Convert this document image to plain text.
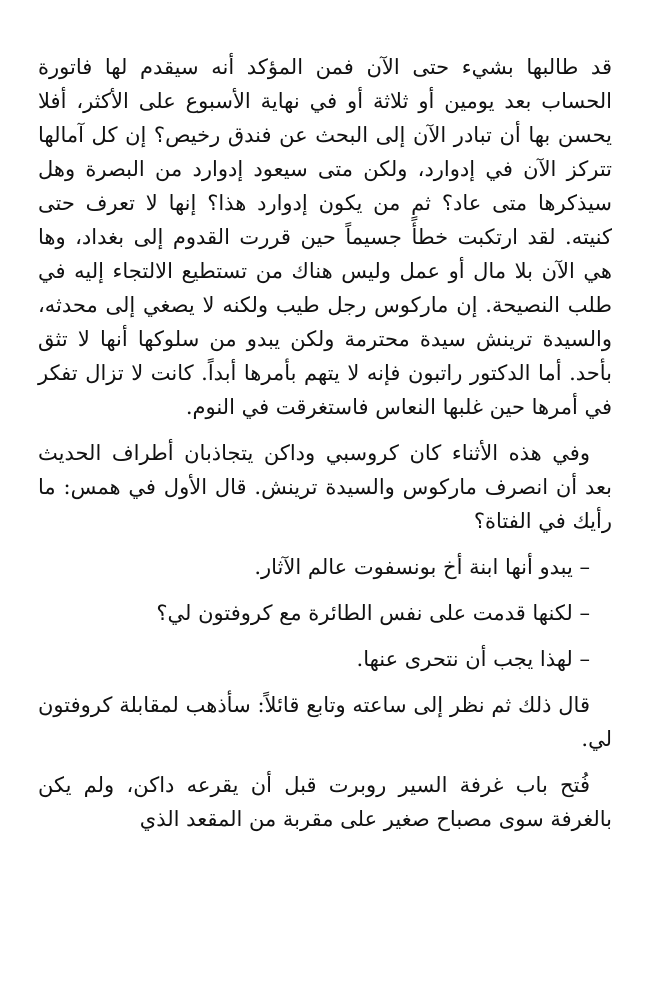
قد طالبها بشيء حتى الآن فمن المؤكد أنه سيقدم لها فاتورة الحساب بعد يومين أو ثلاثة أو في نهاية الأسبوع على الأكثر، أفلا يحسن بها أن تبادر الآن إلى البحث عن فندق رخيص؟ إن كل آمالها تتركز الآن في إدوارد، ولكن متى سيعود إدوارد من البصرة وهل سيذكرها متى عاد؟ ثم من يكون إدوارد هذا؟ إنها لا تعرف حتى كنيته. لقد ارتكبت خطأً جسيماً حين قررت القدوم إلى بغداد، وها هي الآن بلا مال أو عمل وليس هناك من تستطيع الالتجاء إليه في طلب النصيحة. إن ماركوس رجل طيب ولكنه لا يصغي إلى محدثه، والسيدة ترينش سيدة محترمة ولكن يبدو من سلوكها أنها لا تثق بأحد. أما الدكتور راتبون فإنه لا يتهم بأمرها أبداً. كانت لا تزال تفكر في أمرها حين غلبها النعاس فاستغرقت في النوم.

وفي هذه الأثناء كان كروسبي وداكن يتجاذبان أطراف الحديث بعد أن انصرف ماركوس والسيدة ترينش. قال الأول في همس: ما رأيك في الفتاة؟

– يبدو أنها ابنة أخ بونسفوت عالم الآثار.

– لكنها قدمت على نفس الطائرة مع كروفتون لي؟

– لهذا يجب أن نتحرى عنها.

قال ذلك ثم نظر إلى ساعته وتابع قائلاً: سأذهب لمقابلة كروفتون لي.

فُتح باب غرفة السير روبرت قبل أن يقرعه داكن، ولم يكن بالغرفة سوى مصباح صغير على مقربة من المقعد الذي
